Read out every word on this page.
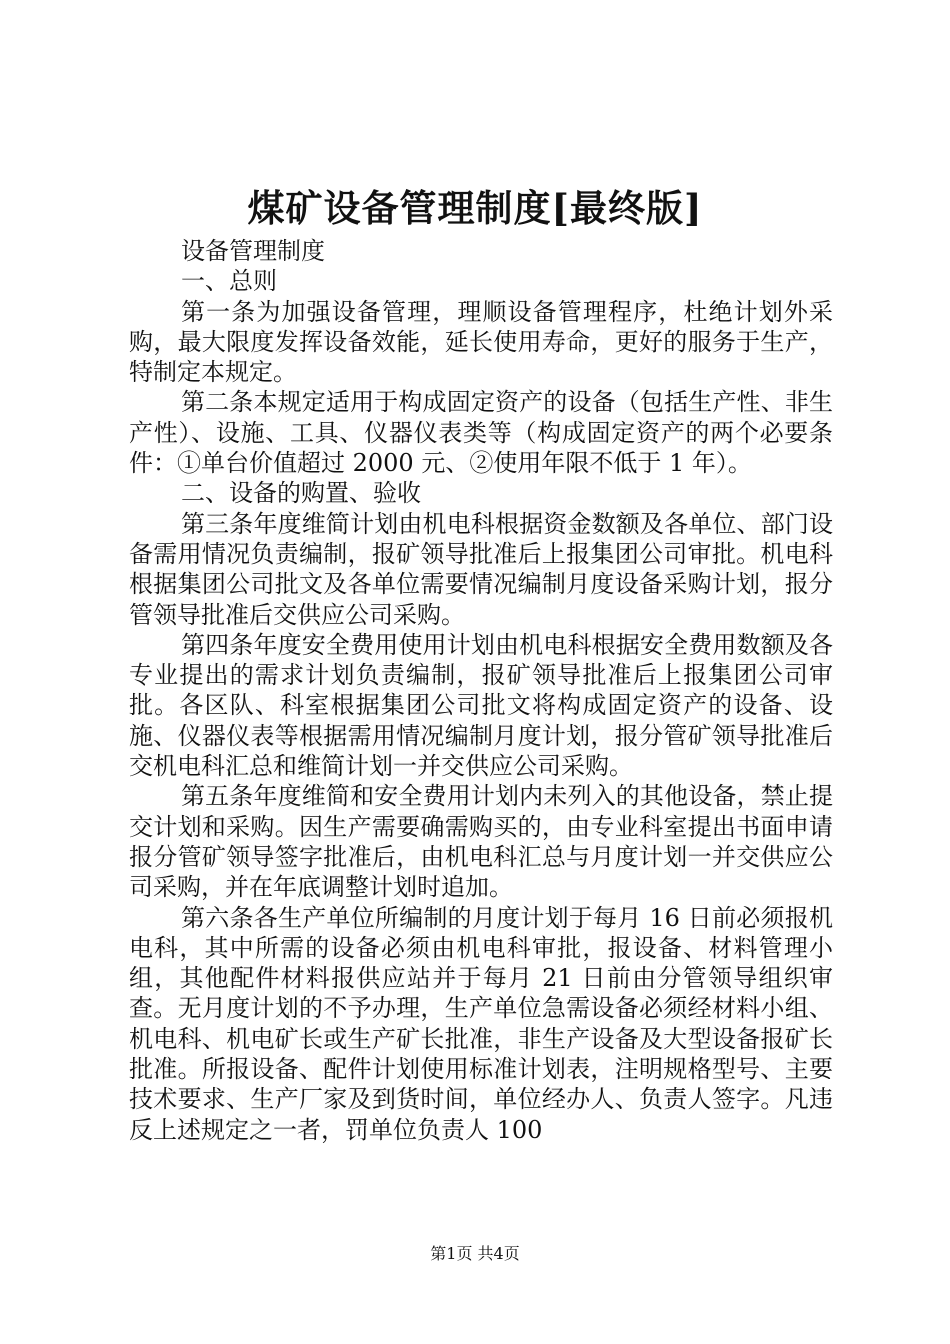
煤矿设备管理制度[最终版]

设备管理制度

一、总则

第一条为加强设备管理，理顺设备管理程序，杜绝计划外采购，最大限度发挥设备效能，延长使用寿命，更好的服务于生产，特制定本规定。

第二条本规定适用于构成固定资产的设备（包括生产性、非生产性）、设施、工具、仪器仪表类等（构成固定资产的两个必要条件：①单台价值超过 2000 元、②使用年限不低于 1 年）。

二、设备的购置、验收

第三条年度维简计划由机电科根据资金数额及各单位、部门设备需用情况负责编制，报矿领导批准后上报集团公司审批。机电科根据集团公司批文及各单位需要情况编制月度设备采购计划，报分管领导批准后交供应公司采购。

第四条年度安全费用使用计划由机电科根据安全费用数额及各专业提出的需求计划负责编制，报矿领导批准后上报集团公司审批。各区队、科室根据集团公司批文将构成固定资产的设备、设施、仪器仪表等根据需用情况编制月度计划，报分管矿领导批准后交机电科汇总和维简计划一并交供应公司采购。

第五条年度维简和安全费用计划内未列入的其他设备，禁止提交计划和采购。因生产需要确需购买的，由专业科室提出书面申请报分管矿领导签字批准后，由机电科汇总与月度计划一并交供应公司采购，并在年底调整计划时追加。

第六条各生产单位所编制的月度计划于每月 16 日前必须报机电科，其中所需的设备必须由机电科审批，报设备、材料管理小组，其他配件材料报供应站并于每月 21 日前由分管领导组织审查。无月度计划的不予办理，生产单位急需设备必须经材料小组、机电科、机电矿长或生产矿长批准，非生产设备及大型设备报矿长批准。所报设备、配件计划使用标准计划表，注明规格型号、主要技术要求、生产厂家及到货时间，单位经办人、负责人签字。凡违反上述规定之一者，罚单位负责人 100

第1页 共4页
